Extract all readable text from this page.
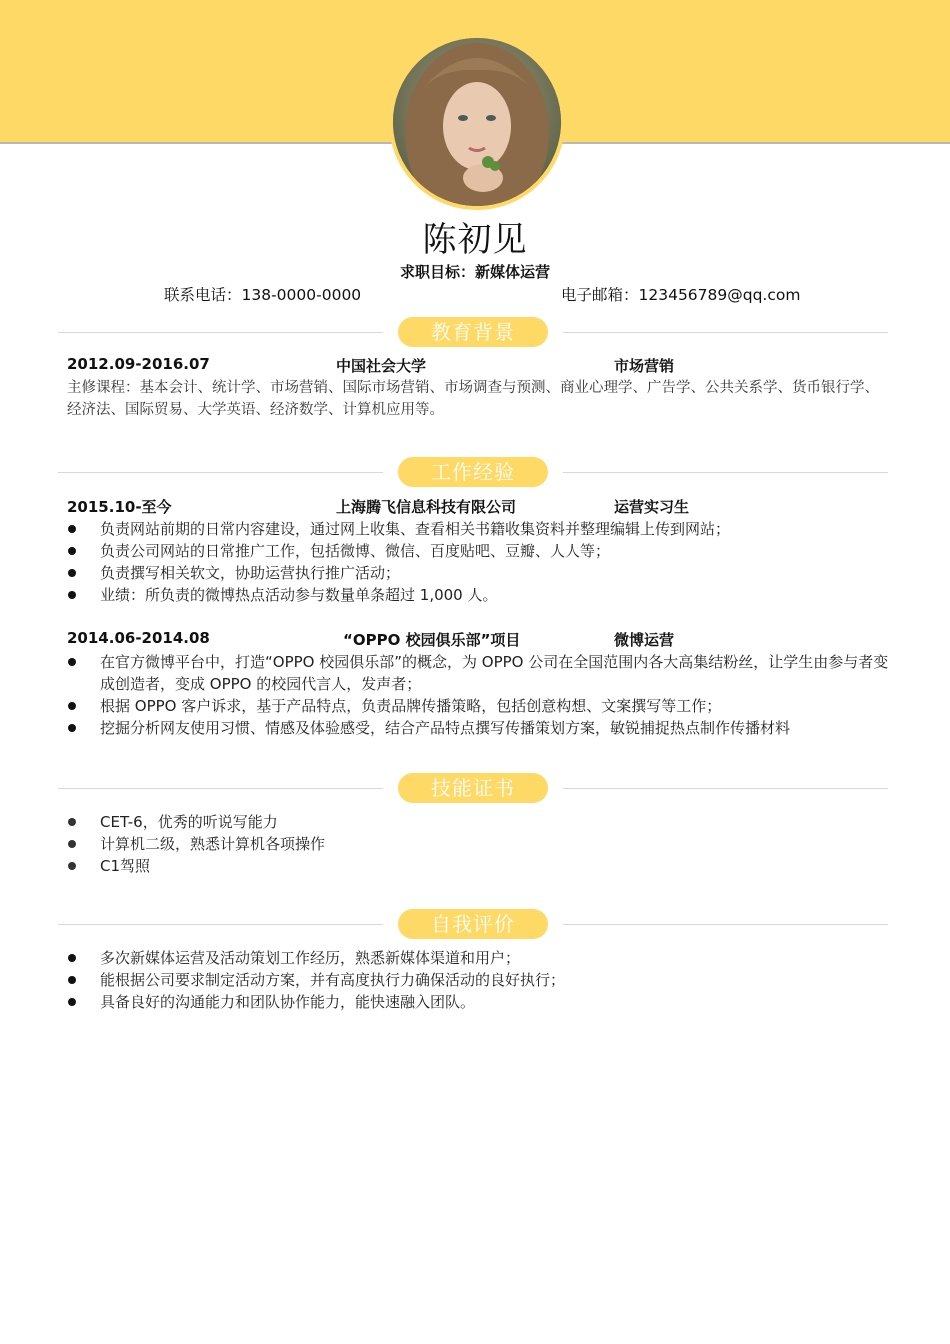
陈初见
求职目标：新媒体运营
联系电话：138-0000-0000	电子邮箱：123456789@qq.com
教育背景
2012.09-2016.07	中国社会大学	市场营销
主修课程：基本会计、统计学、市场营销、国际市场营销、市场调查与预测、商业心理学、广告学、公共关系学、货币银行学、经济法、国际贸易、大学英语、经济数学、计算机应用等。
工作经验
2015.10-至今	上海腾飞信息科技有限公司	运营实习生
负责网站前期的日常内容建设，通过网上收集、查看相关书籍收集资料并整理编辑上传到网站；
负责公司网站的日常推广工作，包括微博、微信、百度贴吧、豆瓣、人人等；
负责撰写相关软文，协助运营执行推广活动；
业绩：所负责的微博热点活动参与数量单条超过 1,000 人。
2014.06-2014.08	“OPPO 校园俱乐部”项目	微博运营
在官方微博平台中，打造“OPPO 校园俱乐部”的概念，为 OPPO 公司在全国范围内各大高集结粉丝，让学生由参与者变成创造者，变成 OPPO 的校园代言人，发声者；
根据 OPPO 客户诉求，基于产品特点，负责品牌传播策略，包括创意构想、文案撰写等工作；
挖掘分析网友使用习惯、情感及体验感受，结合产品特点撰写传播策划方案，敏锐捕捉热点制作传播材料
技能证书
CET-6，优秀的听说写能力
计算机二级，熟悉计算机各项操作
C1驾照
自我评价
多次新媒体运营及活动策划工作经历，熟悉新媒体渠道和用户；
能根据公司要求制定活动方案，并有高度执行力确保活动的良好执行；
具备良好的沟通能力和团队协作能力，能快速融入团队。
